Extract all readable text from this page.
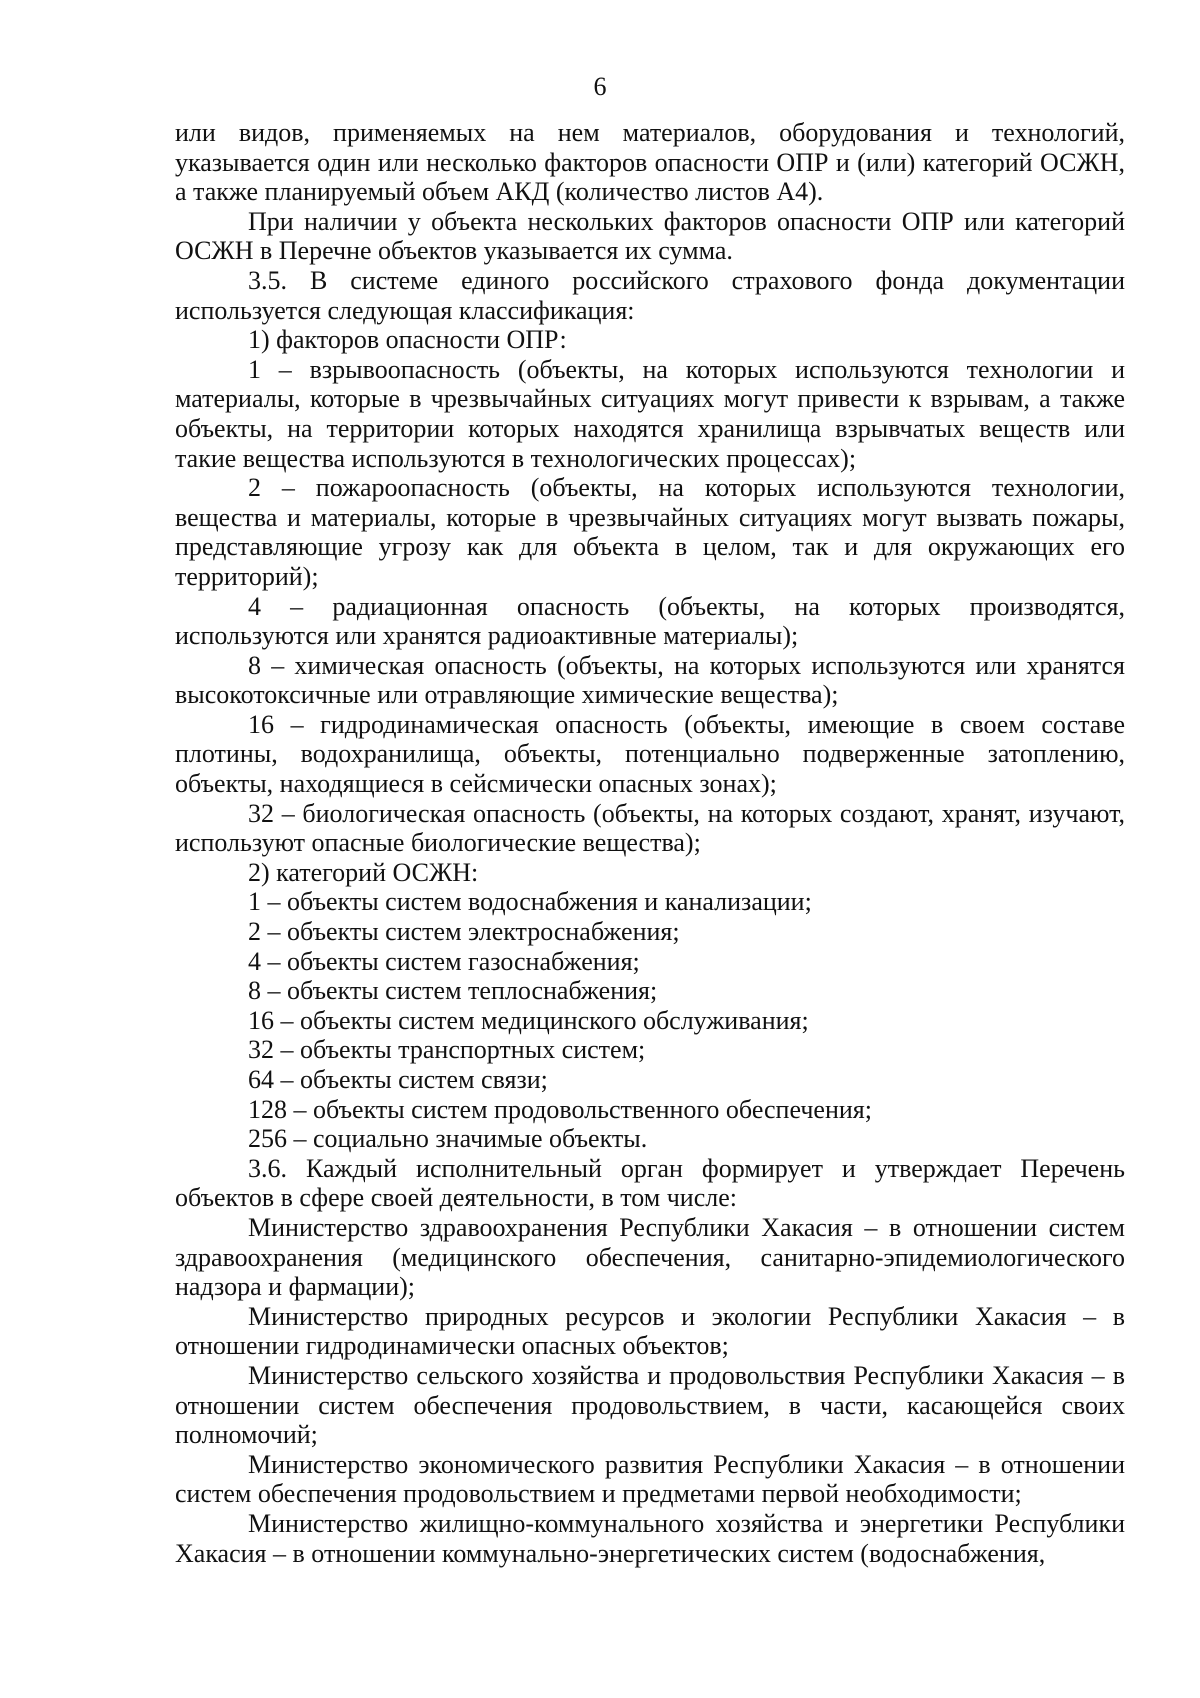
6

или видов, применяемых на нем материалов, оборудования и технологий, указывается один или несколько факторов опасности ОПР и (или) категорий ОСЖН, а также планируемый объем АКД (количество листов А4).

При наличии у объекта нескольких факторов опасности ОПР или категорий ОСЖН в Перечне объектов указывается их сумма.

3.5. В системе единого российского страхового фонда документации используется следующая классификация:

1) факторов опасности ОПР:

1 – взрывоопасность (объекты, на которых используются технологии и материалы, которые в чрезвычайных ситуациях могут привести к взрывам, а также объекты, на территории которых находятся хранилища взрывчатых веществ или такие вещества используются в технологических процессах);

2 – пожароопасность (объекты, на которых используются технологии, вещества и материалы, которые в чрезвычайных ситуациях могут вызвать пожары, представляющие угрозу как для объекта в целом, так и для окружающих его территорий);

4 – радиационная опасность (объекты, на которых производятся, используются или хранятся радиоактивные материалы);

8 – химическая опасность (объекты, на которых используются или хранятся высокотоксичные или отравляющие химические вещества);

16 – гидродинамическая опасность (объекты, имеющие в своем составе плотины, водохранилища, объекты, потенциально подверженные затоплению, объекты, находящиеся в сейсмически опасных зонах);

32 – биологическая опасность (объекты, на которых создают, хранят, изучают, используют опасные биологические вещества);

2) категорий ОСЖН:

1 – объекты систем водоснабжения и канализации;

2 – объекты систем электроснабжения;

4 – объекты систем газоснабжения;

8 – объекты систем теплоснабжения;

16 – объекты систем медицинского обслуживания;

32 – объекты транспортных систем;

64 – объекты систем связи;

128 – объекты систем продовольственного обеспечения;

256 – социально значимые объекты.

3.6. Каждый исполнительный орган формирует и утверждает Перечень объектов в сфере своей деятельности, в том числе:

Министерство здравоохранения Республики Хакасия – в отношении систем здравоохранения (медицинского обеспечения, санитарно-эпидемиологического надзора и фармации);

Министерство природных ресурсов и экологии Республики Хакасия – в отношении гидродинамически опасных объектов;

Министерство сельского хозяйства и продовольствия Республики Хакасия – в отношении систем обеспечения продовольствием, в части, касающейся своих полномочий;

Министерство экономического развития Республики Хакасия – в отношении систем обеспечения продовольствием и предметами первой необходимости;

Министерство жилищно-коммунального хозяйства и энергетики Республики Хакасия – в отношении коммунально-энергетических систем (водоснабжения,
